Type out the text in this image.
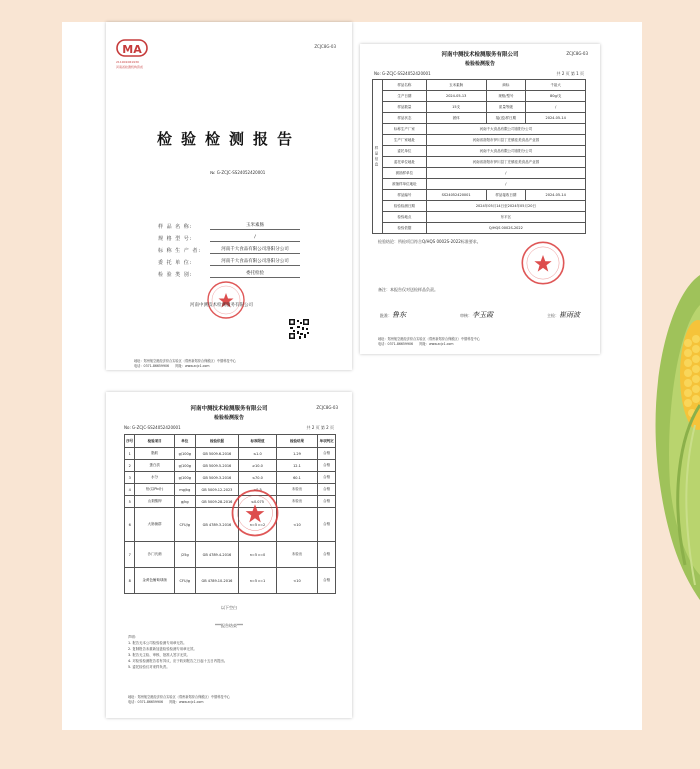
MA
211901061930
河南省检测机构资质
ZCJC8G-03
检验检测报告
№: G-ZCJC-SS24052420001
样 品 名 称:	玉米素肠
规 格 型 号:	/
标 称 生 产 者:	河南千大食品有限公司洛阳分公司
委 托 单 位:	河南千大食品有限公司洛阳分公司
检 验 类 别:	委托检验
河南中测技术检测服务有限公司
地址：郑州航空港经济综合实验区（郑州新郑综合保税区）中德科技中心
电话：0371-86659906　　网址：www.zcjc1.com
河南中测技术检测服务有限公司	ZCJC8G-03
检验检测报告
No: G-ZCJC-SS24052420001	共 2 页 第 1 页
样品信息	样品名称	玉米素肠	商标	千祖大
	生产日期	2024-05-13	规格/型号	80g/支
	样品数量	15支	质量等级	/
	样品状态	固体	接(送)样日期	2024-05-14
	标称生产厂家	河南千大食品有限公司洛阳分公司		
	生产厂家地址	河南省洛阳市伊川县丁庄镇佳美食品产业园		
	委托单位	河南千大食品有限公司洛阳分公司		
	委托单位地址	河南省洛阳市伊川县丁庄镇佳美食品产业园		
	被抽样单位	/		
	被抽样单位地址	/		
	样品编号	SS24052420001	样品接收日期	2024-05-14
	检验检测日期	2024年05月14日至2024年05月20日		
	检验地点	东平区		
	检验依据	Q/HQS 0002S-2022		
检验结论：所检项目符合Q/HQS 0002S-2022标准要求。
备注：本报告仅对送检样品负责。
批准：鲁东	审核：李玉霞	主检：崔雨波
地址：郑州航空港经济综合实验区（郑州新郑综合保税区）中德科技中心
电话：0371-86659906　　网址：www.zcjc1.com
河南中测技术检测服务有限公司	ZCJC8G-03
检验检测报告
No: G-ZCJC-SS24052420001	共 2 页 第 2 页
序号	检验项目	单位	检验依据	标准限值	检验结果	单项判定
1	脂肪	g/100g	GB 5009.6-2016	≤1.0	1.29	合格
2	蛋白质	g/100g	GB 5009.5-2016	≥10.0	12.1	合格
3	水分	g/100g	GB 5009.3-2016	≤70.0	60.1	合格
4	铅(以Pb计)	mg/kg	GB 5009.12-2023	≤0.5	未检出	合格
5	山梨酸钾	g/kg	GB 5009.28-2016	≤0.075	未检出	合格
6	大肠菌群	CFU/g	GB 4789.3-2016	n=5 c=2	<10	合格
7	沙门氏菌	/25g	GB 4789.4-2016	n=5 c=0	未检出	合格
8	金黄色葡萄球菌	CFU/g	GB 4789.10-2016	n=5 c=1	<10	合格
以下空白
***报告结束***
声明：
1. 报告无本公司检验检测专用章无效。
2. 复制报告未重新加盖检验检测专用章无效。
3. 报告无主检、审核、批准人签字无效。
4. 对检验检测报告若有异议，应于收到报告之日起十五日内提出。
5. 委托检验仅对来样负责。
地址：郑州航空港经济综合实验区（郑州新郑综合保税区）中德科技中心
电话：0371-86659906　　网址：www.zcjc1.com
